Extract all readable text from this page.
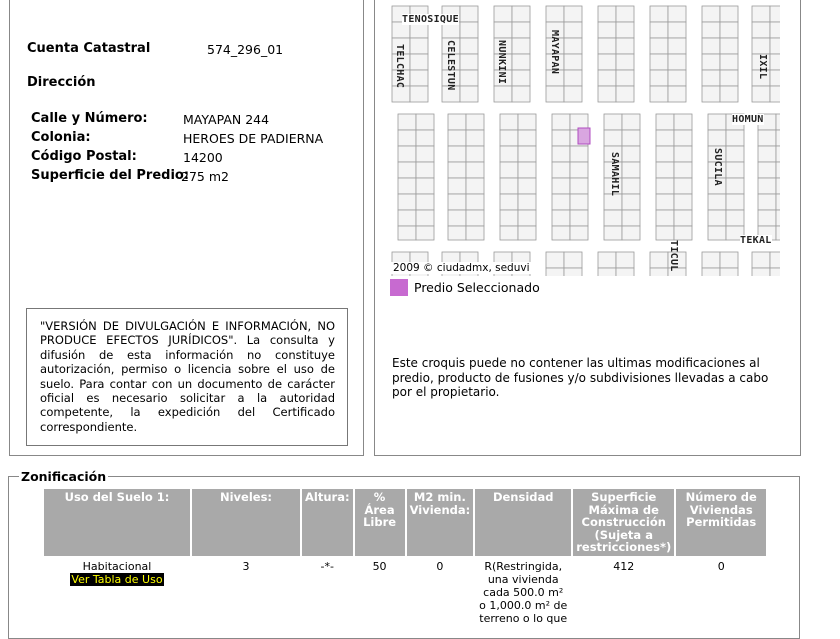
Cuenta Catastral	574_296_01
Dirección
Calle y Número:	MAYAPAN 244
Colonia:	HEROES DE PADIERNA
Código Postal:	14200
Superficie del Predio:
275 m2
"VERSIÓN DE DIVULGACIÓN E INFORMACIÓN, NO PRODUCE EFECTOS JURÍDICOS". La consulta y difusión de esta información no constituye autorización, permiso o licencia sobre el uso de suelo. Para contar con un documento de carácter oficial es necesario solicitar a la autoridad competente, la expedición del Certificado correspondiente.
TENOSIQUE
TELCHAC	CELESTUN	NUNKINI	MAYAPAN	IXIL
HOMUN
SAMAHIL	SUCILA
TICUL	TEKAL
2009 © ciudadmx, seduvi
Predio Seleccionado
Este croquis puede no contener las ultimas modificaciones al predio, producto de fusiones y/o subdivisiones llevadas a cabo por el propietario.
Zonificación
Uso del Suelo 1:	Niveles:	Altura:	% Área Libre	M2 min. Vivienda:	Densidad	Superficie Máxima de Construcción (Sujeta a restricciones*)	Número de Viviendas Permitidas

Habitacional
Ver Tabla de Uso	3	-*-	50	0	R(Restringida, una vivienda cada 500.0 m² o 1,000.0 m² de terreno o lo que	412	0
